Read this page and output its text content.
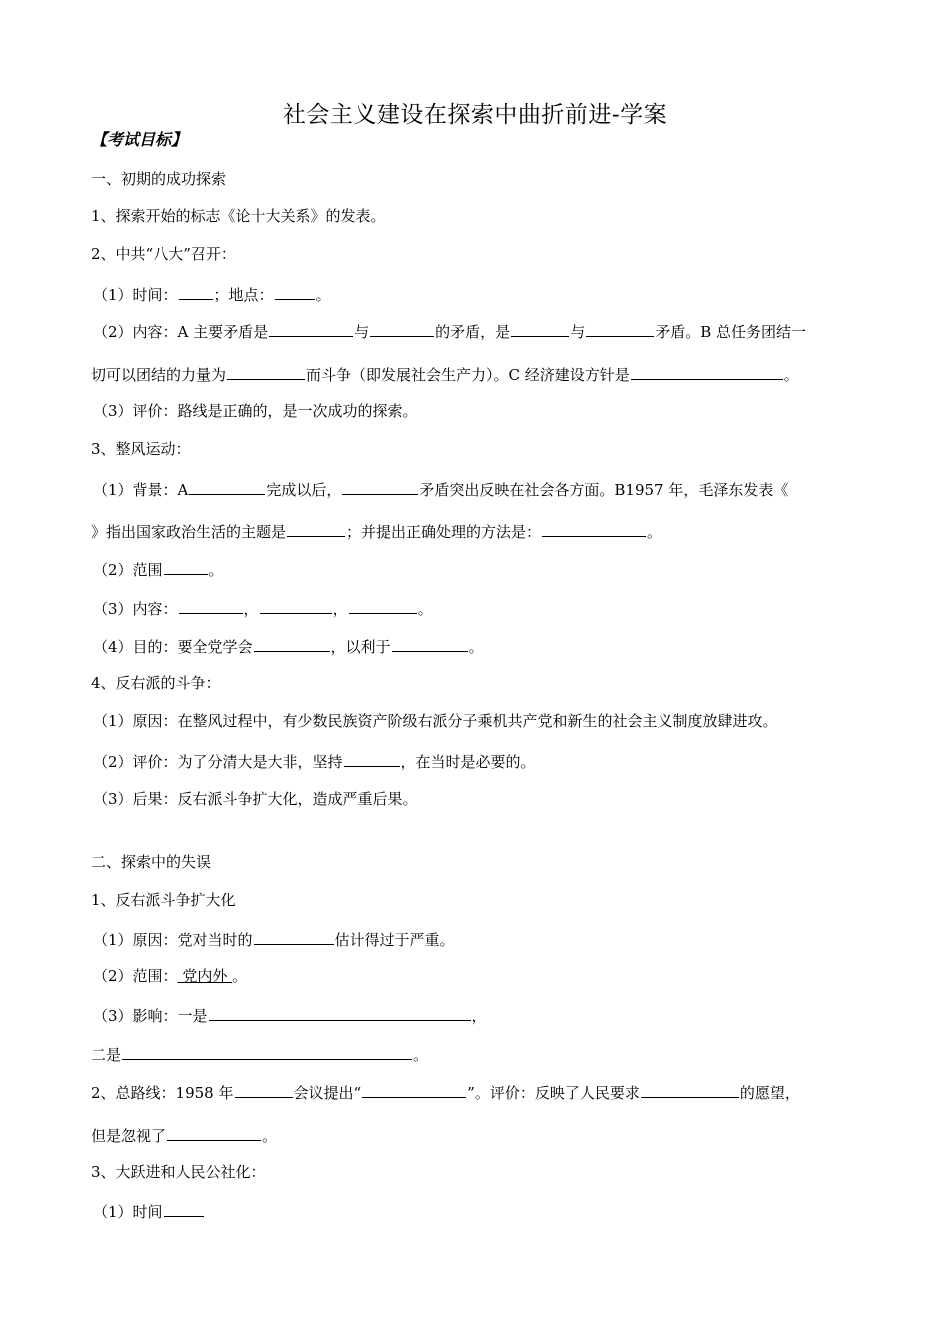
社会主义建设在探索中曲折前进-学案
【考试目标】
一、初期的成功探索
1、探索开始的标志《论十大关系》的发表。
2、中共“八大”召开：
（1）时间： ；地点：	。
（2）内容：A 主要矛盾是	与	的矛盾，是	与	矛盾。B 总任务团结一
切可以团结的力量为	而斗争（即发展社会生产力）。C 经济建设方针是	。
（3）评价：路线是正确的，是一次成功的探索。
3、整风运动：
（1）背景：A	完成以后，	矛盾突出反映在社会各方面。B1957 年，毛泽东发表《
》指出国家政治生活的主题是	；并提出正确处理的方法是：	。
（2）范围	。
（3）内容：	，	，	。
（4）目的：要全党学会	，以利于	。
4、反右派的斗争：
（1）原因：在整风过程中，有少数民族资产阶级右派分子乘机共产党和新生的社会主义制度放肆进攻。
（2）评价：为了分清大是大非，坚持	，在当时是必要的。
（3）后果：反右派斗争扩大化，造成严重后果。
二、探索中的失误
1、反右派斗争扩大化
（1）原因：党对当时的	估计得过于严重。
（2）范围： 党内外 。
（3）影响：一是	，
二是	。
2、总路线：1958 年	会议提出“	”。评价：反映了人民要求	的愿望，
但是忽视了	。
3、大跃进和人民公社化：
（1）时间
